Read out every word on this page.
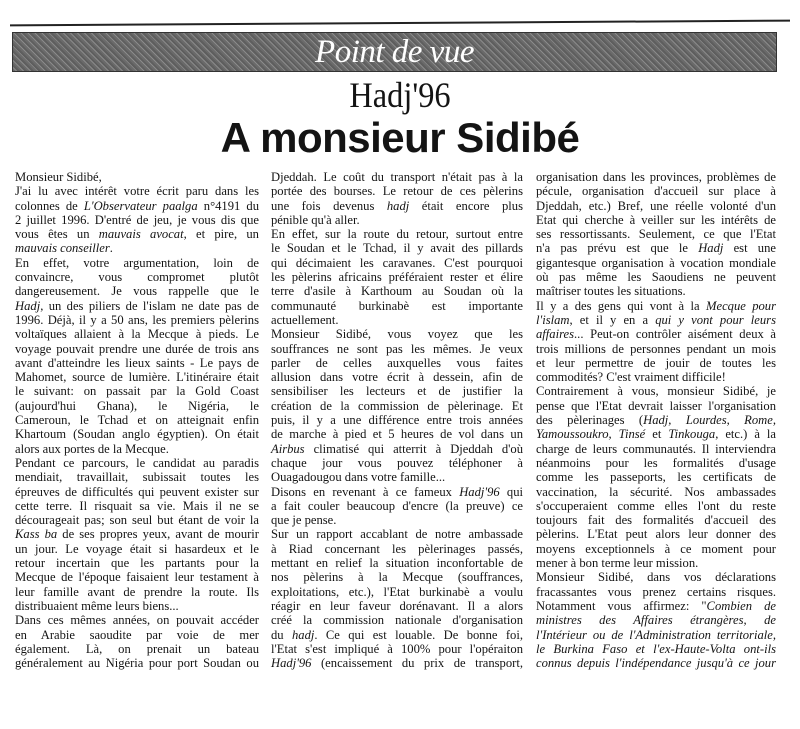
Point de vue
Hadj'96
A monsieur Sidibé
Monsieur Sidibé,
J'ai lu avec intérêt votre écrit paru dans les
colonnes de L'Observateur paalga n°4191 du
2 juillet 1996. D'entré de jeu, je vous dis que
vous êtes un mauvais avocat, et pire, un
mauvais conseiller.
En effet, votre argumentation, loin de
convaincre, vous compromet plutôt
dangereusement. Je vous rappelle que le
Hadj, un des piliers de l'islam ne date pas de
1996. Déjà, il y a 50 ans, les premiers pèlerins
voltaïques allaient à la Mecque à pieds. Le
voyage pouvait prendre une durée de trois ans
avant d'atteindre les lieux saints - Le pays de
Mahomet, source de lumière. L'itinéraire était
le suivant: on passait par la Gold Coast
(aujourd'hui Ghana), le Nigéria, le
Cameroun, le Tchad et on atteignait enfin
Khartoum (Soudan anglo égyptien). On était
alors aux portes de la Mecque.
Pendant ce parcours, le candidat au paradis
mendiait, travaillait, subissait toutes les
épreuves de difficultés qui peuvent exister sur
cette terre. Il risquait sa vie. Mais il ne se
décourageait pas; son seul but étant de voir la
Kass ba de ses propres yeux, avant de mourir
un jour. Le voyage était si hasardeux et le
retour incertain que les partants pour la
Mecque de l'époque faisaient leur testament à
leur famille avant de prendre la route. Ils
distribuaient même leurs biens...
Dans ces mêmes années, on pouvait accéder
en Arabie saoudite par voie de mer
également. Là, on prenait un bateau
généralement au Nigéria pour port Soudan ou
Djeddah. Le coût du transport n'était pas à la
portée des bourses. Le retour de ces pèlerins
une fois devenus hadj était encore plus
pénible qu'à aller.
En effet, sur la route du retour, surtout entre
le Soudan et le Tchad, il y avait des pillards
qui décimaient les caravanes. C'est pourquoi
les pèlerins africains préféraient rester et élire
terre d'asile à Karthoum au Soudan où la
communauté burkinabè est importante
actuellement.
Monsieur Sidibé, vous voyez que les
souffrances ne sont pas les mêmes. Je veux
parler de celles auxquelles vous faites
allusion dans votre écrit à dessein, afin de
sensibiliser les lecteurs et de justifier la
création de la commission de pèlerinage. Et
puis, il y a une différence entre trois années
de marche à pied et 5 heures de vol dans un
Airbus climatisé qui atterrit à Djeddah d'où
chaque jour vous pouvez téléphoner à
Ouagadougou dans votre famille...
Disons en revenant à ce fameux Hadj'96 qui
a fait couler beaucoup d'encre (la preuve) ce
que je pense.
Sur un rapport accablant de notre ambassade
à Riad concernant les pèlerinages passés,
mettant en relief la situation inconfortable de
nos pèlerins à la Mecque (souffrances,
exploitations, etc.), l'Etat burkinabè a voulu
réagir en leur faveur dorénavant. Il a alors
créé la commission nationale d'organisation
du hadj. Ce qui est louable. De bonne foi,
l'Etat s'est impliqué à 100% pour l'opéraiton
Hadj'96 (encaissement du prix de transport,
organisation dans les provinces, problèmes de
pécule, organisation d'accueil sur place à
Djeddah, etc.) Bref, une réelle volonté d'un
Etat qui cherche à veiller sur les intérêts de
ses ressortissants. Seulement, ce que l'Etat
n'a pas prévu est que le Hadj est une
gigantesque organisation à vocation mondiale
où pas même les Saoudiens ne peuvent
maîtriser toutes les situations.
Il y a des gens qui vont à la Mecque pour
l'islam, et il y en a qui y vont pour leurs
affaires... Peut-on contrôler aisément deux à
trois millions de personnes pendant un mois
et leur permettre de jouir de toutes les
commodités? C'est vraiment difficile!
Contrairement à vous, monsieur Sidibé, je
pense que l'Etat devrait laisser l'organisation
des pèlerinages (Hadj, Lourdes, Rome,
Yamoussoukro, Tinsé et Tinkouga, etc.) à la
charge de leurs communautés. Il interviendra
néanmoins pour les formalités d'usage
comme les passeports, les certificats de
vaccination, la sécurité. Nos ambassades
s'occuperaient comme elles l'ont du reste
toujours fait des formalités d'accueil des
pèlerins. L'Etat peut alors leur donner des
moyens exceptionnels à ce moment pour
mener à bon terme leur mission.
Monsieur Sidibé, dans vos déclarations
fracassantes vous prenez certains risques.
Notamment vous affirmez: "Combien de
ministres des Affaires étrangères, de
l'Intérieur ou de l'Administration territoriale,
le Burkina Faso et l'ex-Haute-Volta ont-ils
connus depuis l'indépendance jusqu'à ce jour
